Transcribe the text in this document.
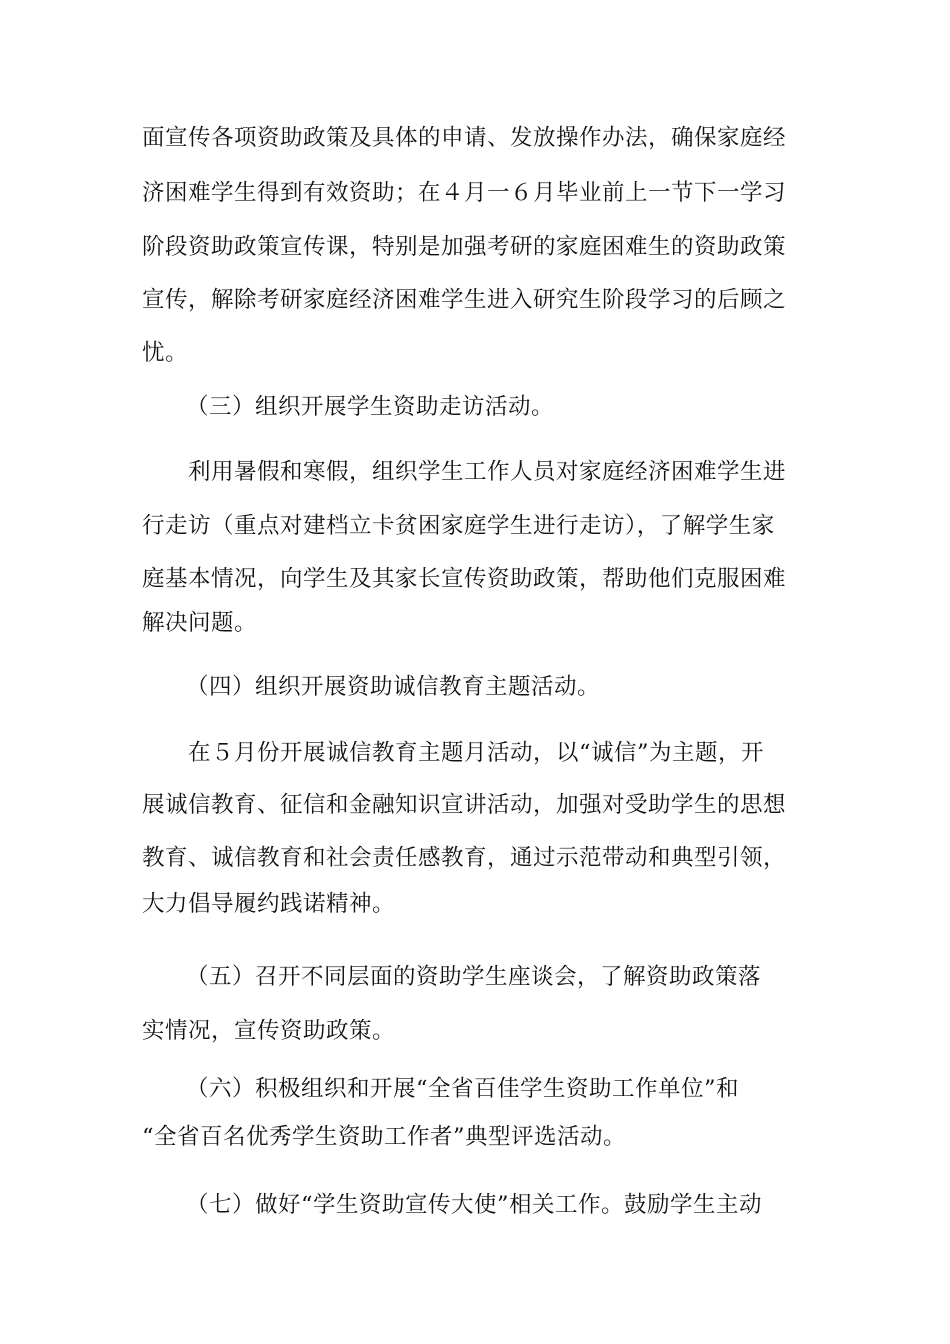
面宣传各项资助政策及具体的申请、发放操作办法，确保家庭经
济困难学生得到有效资助；在４月一６月毕业前上一节下一学习
阶段资助政策宣传课，特别是加强考研的家庭困难生的资助政策
宣传，解除考研家庭经济困难学生进入研究生阶段学习的后顾之
忧。
（三）组织开展学生资助走访活动。
利用暑假和寒假，组织学生工作人员对家庭经济困难学生进
行走访（重点对建档立卡贫困家庭学生进行走访），了解学生家
庭基本情况，向学生及其家长宣传资助政策，帮助他们克服困难
解决问题。
（四）组织开展资助诚信教育主题活动。
在５月份开展诚信教育主题月活动，以“诚信”为主题，开
展诚信教育、征信和金融知识宣讲活动，加强对受助学生的思想
教育、诚信教育和社会责任感教育，通过示范带动和典型引领，
大力倡导履约践诺精神。
（五）召开不同层面的资助学生座谈会，了解资助政策落
实情况，宣传资助政策。
（六）积极组织和开展“全省百佳学生资助工作单位”和
“全省百名优秀学生资助工作者”典型评选活动。
（七）做好“学生资助宣传大使”相关工作。鼓励学生主动
